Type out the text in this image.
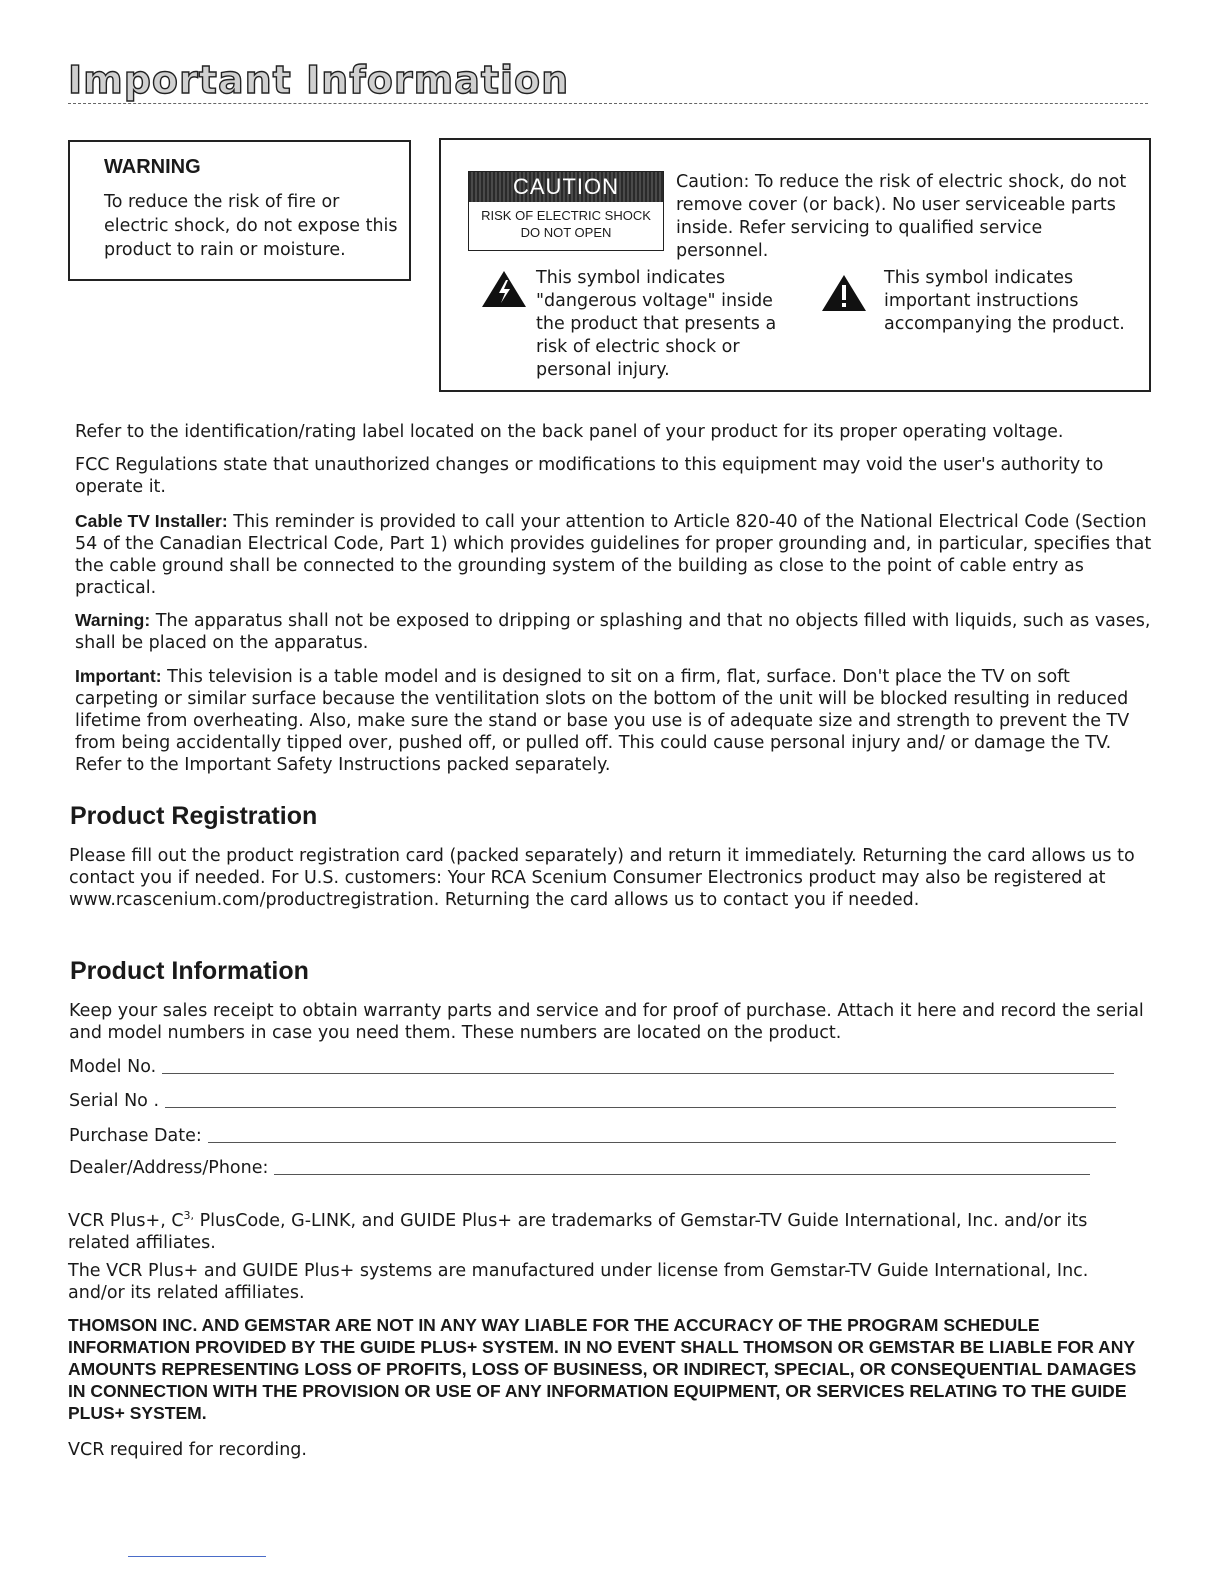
Important Information
WARNING
To reduce the risk of fire or electric shock, do not expose this product to rain or moisture.
CAUTION
RISK OF ELECTRIC SHOCK
DO NOT OPEN
Caution: To reduce the risk of electric shock, do not remove cover (or back). No user serviceable parts inside. Refer servicing to qualified service personnel.
This symbol indicates "dangerous voltage" inside the product that presents a risk of electric shock or personal injury.
This symbol indicates important instructions accompanying the product.
Refer to the identification/rating label located on the back panel of your product for its proper operating voltage.
FCC Regulations state that unauthorized changes or modifications to this equipment may void the user's authority to operate it.
Cable TV Installer: This reminder is provided to call your attention to Article 820-40 of the National Electrical Code (Section 54 of the Canadian Electrical Code, Part 1) which provides guidelines for proper grounding and, in particular, specifies that the cable ground shall be connected to the grounding system of the building as close to the point of cable entry as practical.
Warning: The apparatus shall not be exposed to dripping or splashing and that no objects filled with liquids, such as vases, shall be placed on the apparatus.
Important: This television is a table model and is designed to sit on a firm, flat, surface. Don't place the TV on soft carpeting or similar surface because the ventilitation slots on the bottom of the unit will be blocked resulting in reduced lifetime from overheating. Also, make sure the stand or base you use is of adequate size and strength to prevent the TV from being accidentally tipped over, pushed off, or pulled off. This could cause personal injury and/ or damage the TV. Refer to the Important Safety Instructions packed separately.
Product Registration
Please fill out the product registration card (packed separately) and return it immediately. Returning the card allows us to contact you if needed. For U.S. customers: Your RCA Scenium Consumer Electronics product may also be registered at www.rcascenium.com/productregistration. Returning the card allows us to contact you if needed.
Product Information
Keep your sales receipt to obtain warranty parts and service and for proof of purchase. Attach it here and record the serial and model numbers in case you need them. These numbers are located on the product.
Model No.
Serial No .
Purchase Date:
Dealer/Address/Phone:
VCR Plus+, $C^{3,}$ PlusCode, G-LINK, and GUIDE Plus+ are trademarks of Gemstar-TV Guide International, Inc. and/or its related affiliates.
The VCR Plus+ and GUIDE Plus+ systems are manufactured under license from Gemstar-TV Guide International, Inc. and/or its related affiliates.
THOMSON INC. AND GEMSTAR ARE NOT IN ANY WAY LIABLE FOR THE ACCURACY OF THE PROGRAM SCHEDULE INFORMATION PROVIDED BY THE GUIDE PLUS+ SYSTEM. IN NO EVENT SHALL THOMSON OR GEMSTAR BE LIABLE FOR ANY AMOUNTS REPRESENTING LOSS OF PROFITS, LOSS OF BUSINESS, OR INDIRECT, SPECIAL, OR CONSEQUENTIAL DAMAGES IN CONNECTION WITH THE PROVISION OR USE OF ANY INFORMATION EQUIPMENT, OR SERVICES RELATING TO THE GUIDE PLUS+ SYSTEM.
VCR required for recording.
